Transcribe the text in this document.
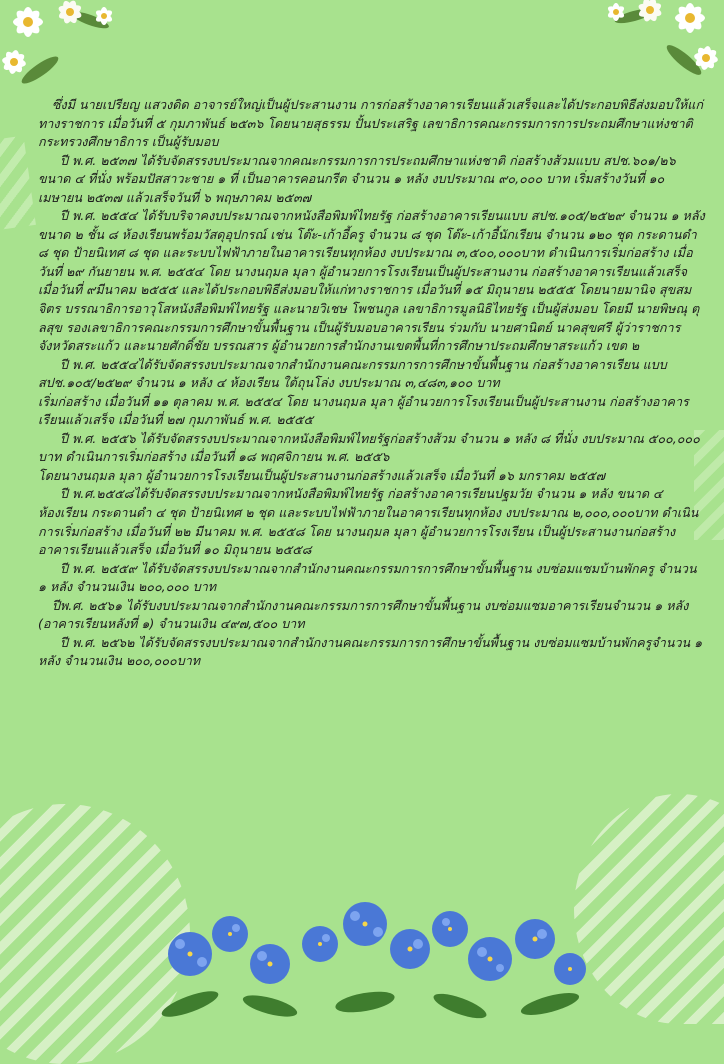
ซึ่งมี นายเปรียญ แสวงดิด อาจารย์ใหญ่เป็นผู้ประสานงาน การก่อสร้างอาคารเรียนแล้วเสร็จและได้ประกอบพิธีส่งมอบให้แก่ทางราชการ เมื่อวันที่ ๕ กุมภาพันธ์ ๒๕๓๖ โดยนายสุธรรม ปั้นประเสริฐ เลขาธิการคณะกรรมการการประถมศึกษาแห่งชาติ กระทรวงศึกษาธิการ เป็นผู้รับมอบ

ปี พ.ศ. ๒๕๓๗ ได้รับจัดสรรงบประมาณจากคณะกรรมการการประถมศึกษาแห่งชาติ ก่อสร้างส้วมแบบ สปช.๖๐๑/๒๖ ขนาด ๔ ที่นั่ง พร้อมปัสสาวะชาย ๑ ที่ เป็นอาคารคอนกรีต จำนวน ๑ หลัง งบประมาณ ๙๐,๐๐๐ บาท เริ่มสร้างวันที่ ๑๐ เมษายน ๒๕๓๗ แล้วเสร็จวันที่ ๖ พฤษภาคม ๒๕๓๗

ปี พ.ศ. ๒๕๕๔ ได้รับบริจาคงบประมาณจากหนังสือพิมพ์ไทยรัฐ ก่อสร้างอาคารเรียนแบบ สปช.๑๐๕/๒๕๒๙ จำนวน ๑ หลัง ขนาด ๒ ชั้น ๘ ห้องเรียนพร้อมวัสดุอุปกรณ์ เช่น โต๊ะ-เก้าอี้ครู จำนวน ๘ ชุด โต๊ะ-เก้าอี้นักเรียน จำนวน ๑๒๐ ชุด กระดานดำ ๘ ชุด ป้ายนิเทศ ๘ ชุด และระบบไฟฟ้าภายในอาคารเรียนทุกห้อง งบประมาณ ๓,๕๐๐,๐๐๐บาท ดำเนินการเริ่มก่อสร้าง เมื่อวันที่ ๒๙ กันยายน พ.ศ. ๒๕๕๔ โดย นางนฤมล มุลา ผู้อำนวยการโรงเรียนเป็นผู้ประสานงาน ก่อสร้างอาคารเรียนแล้วเสร็จ เมื่อวันที่ ๙มีนาคม ๒๕๕๕ และได้ประกอบพิธีส่งมอบให้แก่ทางราชการ เมื่อวันที่ ๑๕ มิถุนายน ๒๕๕๕ โดยนายมานิจ สุขสมจิตร บรรณาธิการอาวุโสหนังสือพิมพ์ไทยรัฐ และนายวิเชษ โพชนกูล เลขาธิการมูลนิธิไทยรัฐ เป็นผู้ส่งมอบ โดยมี นายพิษณุ ตุลสุข รองเลขาธิการคณะกรรมการศึกษาขั้นพื้นฐาน เป็นผู้รับมอบอาคารเรียน ร่วมกับ นายศานิตย์ นาคสุขศรี ผู้ว่าราชการจังหวัดสระแก้ว และนายศักดิ์ชัย บรรณสาร ผู้อำนวยการสำนักงานเขตพื้นที่การศึกษาประถมศึกษาสระแก้ว เขต ๒

ปี พ.ศ. ๒๕๕๔ได้รับจัดสรรงบประมาณจากสำนักงานคณะกรรมการการศึกษาขั้นพื้นฐาน ก่อสร้างอาคารเรียน แบบ สปช.๑๐๕/๒๕๒๙ จำนวน ๑ หลัง ๔ ห้องเรียน ใต้ถุนโล่ง งบประมาณ ๓,๔๘๓,๑๐๐ บาท

เริ่มก่อสร้าง เมื่อวันที่ ๑๑ ตุลาคม พ.ศ. ๒๕๕๔ โดย นางนฤมล มุลา ผู้อำนวยการโรงเรียนเป็นผู้ประสานงาน ก่อสร้างอาคารเรียนแล้วเสร็จ เมื่อวันที่ ๒๗ กุมภาพันธ์ พ.ศ. ๒๕๕๕

ปี พ.ศ. ๒๕๕๖ ได้รับจัดสรรงบประมาณจากหนังสือพิมพ์ไทยรัฐก่อสร้างส้วม จำนวน ๑ หลัง ๘ ที่นั่ง งบประมาณ ๕๐๐,๐๐๐ บาท ดำเนินการเริ่มก่อสร้าง เมื่อวันที่ ๑๘ พฤศจิกายน พ.ศ. ๒๕๕๖

โดยนางนฤมล มุลา ผู้อำนวยการโรงเรียนเป็นผู้ประสานงานก่อสร้างแล้วเสร็จ เมื่อวันที่ ๑๖ มกราคม ๒๕๕๗

ปี พ.ศ.๒๕๕๘ได้รับจัดสรรงบประมาณจากหนังสือพิมพ์ไทยรัฐ ก่อสร้างอาคารเรียนปฐมวัย จำนวน ๑ หลัง ขนาด ๔ ห้องเรียน กระดานดำ ๔ ชุด ป้ายนิเทศ ๒ ชุด และระบบไฟฟ้าภายในอาคารเรียนทุกห้อง งบประมาณ ๒,๐๐๐,๐๐๐บาท ดำเนินการเริ่มก่อสร้าง เมื่อวันที่ ๒๒ มีนาคม พ.ศ. ๒๕๕๘ โดย นางนฤมล มุลา ผู้อำนวยการโรงเรียน เป็นผู้ประสานงานก่อสร้างอาคารเรียนแล้วเสร็จ เมื่อวันที่ ๑๐ มิถุนายน ๒๕๕๘

ปี พ.ศ. ๒๕๕๙ ได้รับจัดสรรงบประมาณจากสำนักงานคณะกรรมการการศึกษาขั้นพื้นฐาน งบซ่อมแซมบ้านพักครู จำนวน ๑ หลัง จำนวนเงิน ๒๐๐,๐๐๐ บาท

ปีพ.ศ. ๒๕๖๑ ได้รับงบประมาณจากสำนักงานคณะกรรมการการศึกษาขั้นพื้นฐาน งบซ่อมแซมอาคารเรียนจำนวน ๑ หลัง (อาคารเรียนหลังที่ ๑) จำนวนเงิน ๔๙๗,๕๐๐ บาท

ปี พ.ศ. ๒๕๖๒ ได้รับจัดสรรงบประมาณจากสำนักงานคณะกรรมการการศึกษาขั้นพื้นฐาน งบซ่อมแซมบ้านพักครูจำนวน ๑ หลัง จำนวนเงิน ๒๐๐,๐๐๐บาท
